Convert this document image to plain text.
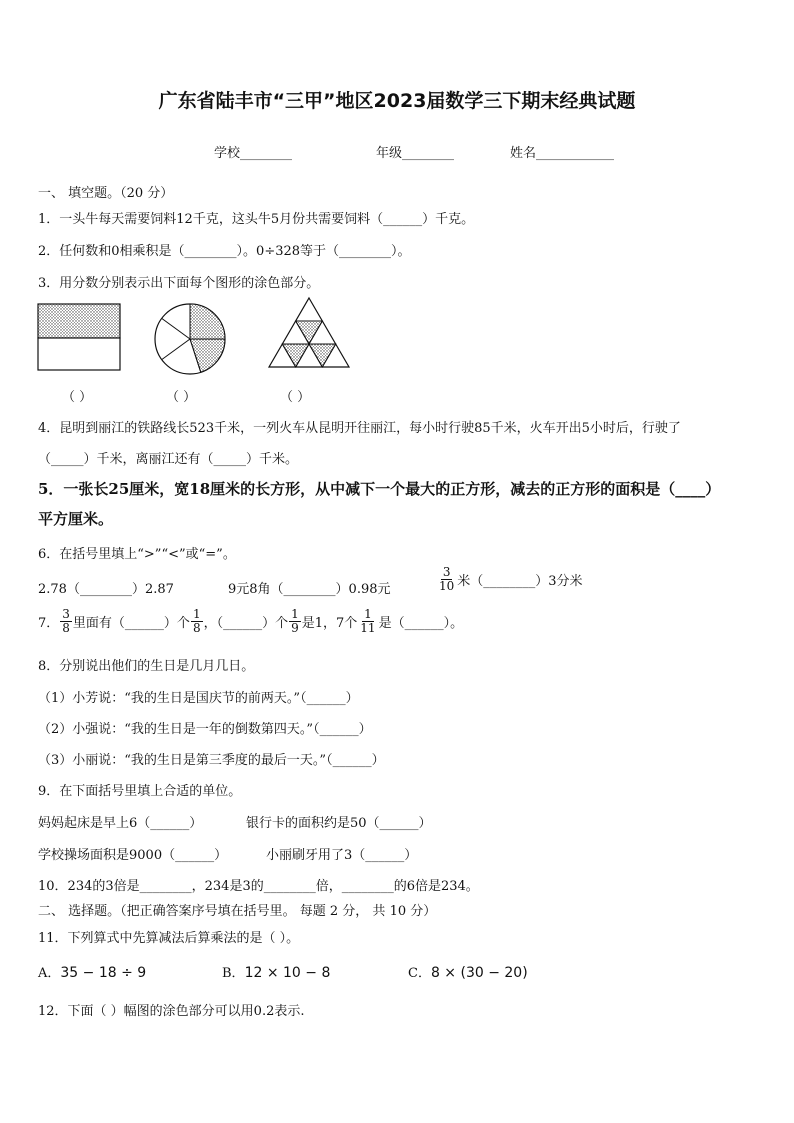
广东省陆丰市“三甲”地区2023届数学三下期末经典试题
学校________	年级________	姓名____________
一、 填空题。（20 分）
1．一头牛每天需要饲料12千克，这头牛5月份共需要饲料（______）千克。
2．任何数和0相乘积是（________）。0÷328等于（________）。
3．用分数分别表示出下面每个图形的涂色部分。
（ ）	（ ）	（ ）
4．昆明到丽江的铁路线长523千米，一列火车从昆明开往丽江，每小时行驶85千米，火车开出5小时后，行驶了
（_____）千米，离丽江还有（_____）千米。
5．一张长25厘米，宽18厘米的长方形，从中减下一个最大的正方形，减去的正方形的面积是（____）
平方厘米。
6．在括号里填上“>”“<”或“=”。
2.78（________）2.87	9元8角（________）0.98元	$\frac{3}{10}$ 米（________）3分米
7． $\frac{3}{8}$ 里面有（______）个 $\frac{1}{8}$ ，（______）个 $\frac{1}{9}$ 是1，7个 $\frac{1}{11}$ 是（______）。
8．分别说出他们的生日是几月几日。
（1）小芳说：“我的生日是国庆节的前两天。”（______）
（2）小强说：“我的生日是一年的倒数第四天。”（______）
（3）小丽说：“我的生日是第三季度的最后一天。”（______）
9．在下面括号里填上合适的单位。
妈妈起床是早上6（______）	银行卡的面积约是50（______）
学校操场面积是9000（______）	小丽刷牙用了3（______）
10．234的3倍是________，234是3的________倍，________的6倍是234。
二、 选择题。（把正确答案序号填在括号里。 每题 2 分， 共 10 分）
11．下列算式中先算减法后算乘法的是（ ）。
A．35 − 18 ÷ 9	B．12 × 10 − 8	C．8 × (30 − 20)
12．下面（ ）幅图的涂色部分可以用0.2表示.
